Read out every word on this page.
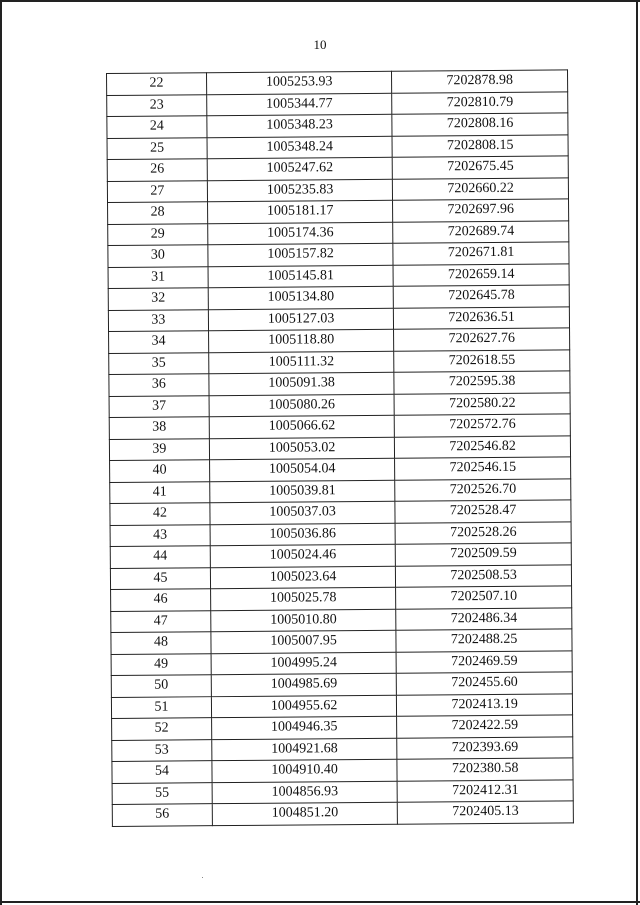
10
22	1005253.93	7202878.98
23	1005344.77	7202810.79
24	1005348.23	7202808.16
25	1005348.24	7202808.15
26	1005247.62	7202675.45
27	1005235.83	7202660.22
28	1005181.17	7202697.96
29	1005174.36	7202689.74
30	1005157.82	7202671.81
31	1005145.81	7202659.14
32	1005134.80	7202645.78
33	1005127.03	7202636.51
34	1005118.80	7202627.76
35	1005111.32	7202618.55
36	1005091.38	7202595.38
37	1005080.26	7202580.22
38	1005066.62	7202572.76
39	1005053.02	7202546.82
40	1005054.04	7202546.15
41	1005039.81	7202526.70
42	1005037.03	7202528.47
43	1005036.86	7202528.26
44	1005024.46	7202509.59
45	1005023.64	7202508.53
46	1005025.78	7202507.10
47	1005010.80	7202486.34
48	1005007.95	7202488.25
49	1004995.24	7202469.59
50	1004985.69	7202455.60
51	1004955.62	7202413.19
52	1004946.35	7202422.59
53	1004921.68	7202393.69
54	1004910.40	7202380.58
55	1004856.93	7202412.31
56	1004851.20	7202405.13
